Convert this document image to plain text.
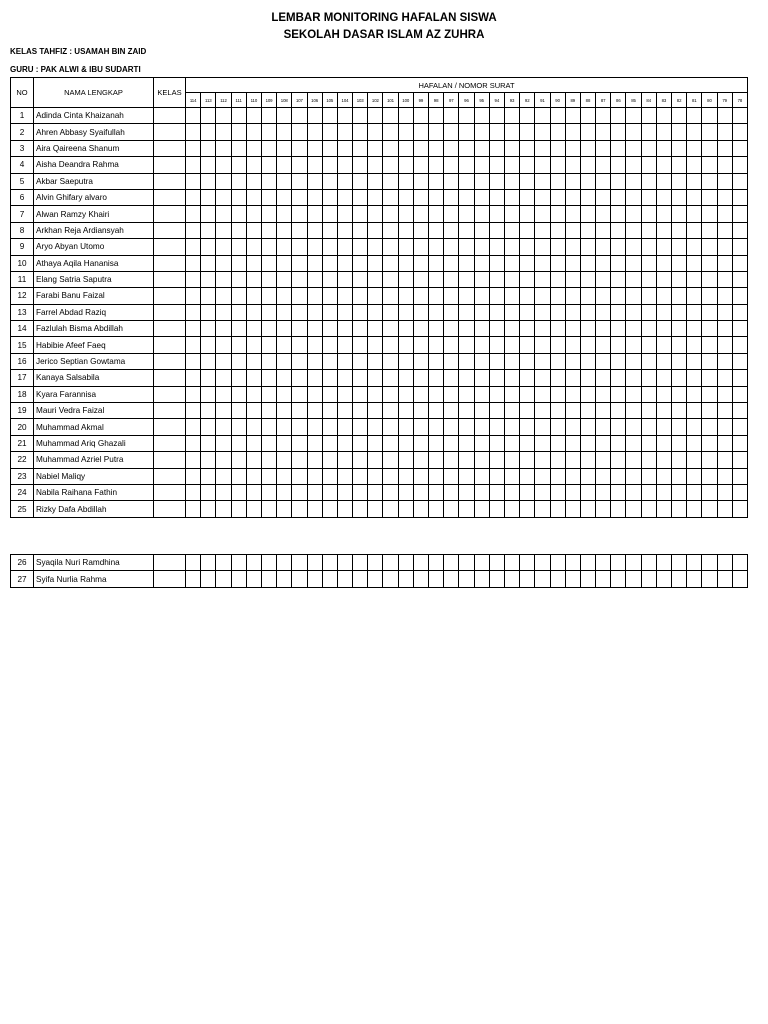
LEMBAR MONITORING HAFALAN SISWA
SEKOLAH DASAR ISLAM AZ ZUHRA
KELAS TAHFIZ : USAMAH BIN ZAID
GURU : PAK ALWI & IBU SUDARTI
NO	NAMA LENGKAP	KELAS	HAFALAN / NOMOR SURAT																																				
			114	113	112	111	110	109	108	107	106	105	104	103	102	101	100	99	98	97	96	95	94	93	92	91	90	89	88	87	86	85	84	83	82	81	80	79	78
1	Adinda Cinta Khaizanah																																						
2	Ahren Abbasy Syaifullah																																						
3	Aira Qaireena Shanum																																						
4	Aisha Deandra Rahma																																						
5	Akbar Saeputra																																						
6	Alvin Ghifary alvaro																																						
7	Alwan Ramzy Khairi																																						
8	Arkhan Reja Ardiansyah																																						
9	Aryo Abyan Utomo																																						
10	Athaya Aqila Hananisa																																						
11	Elang Satria Saputra																																						
12	Farabi Banu Faizal																																						
13	Farrel Abdad Raziq																																						
14	Fazlulah Bisma Abdillah																																						
15	Habibie Afeef Faeq																																						
16	Jerico Septian Gowtama																																						
17	Kanaya Salsabila																																						
18	Kyara Farannisa																																						
19	Mauri Vedra Faizal																																						
20	Muhammad Akmal																																						
21	Muhammad Ariq Ghazali																																						
22	Muhammad Azriel Putra																																						
23	Nabiel Maliqy																																						
24	Nabila Raihana Fathin																																						
25	Rizky Dafa Abdillah																																						
26	Syaqila Nuri Ramdhina																																						
27	Syifa Nurlia Rahma																																						
